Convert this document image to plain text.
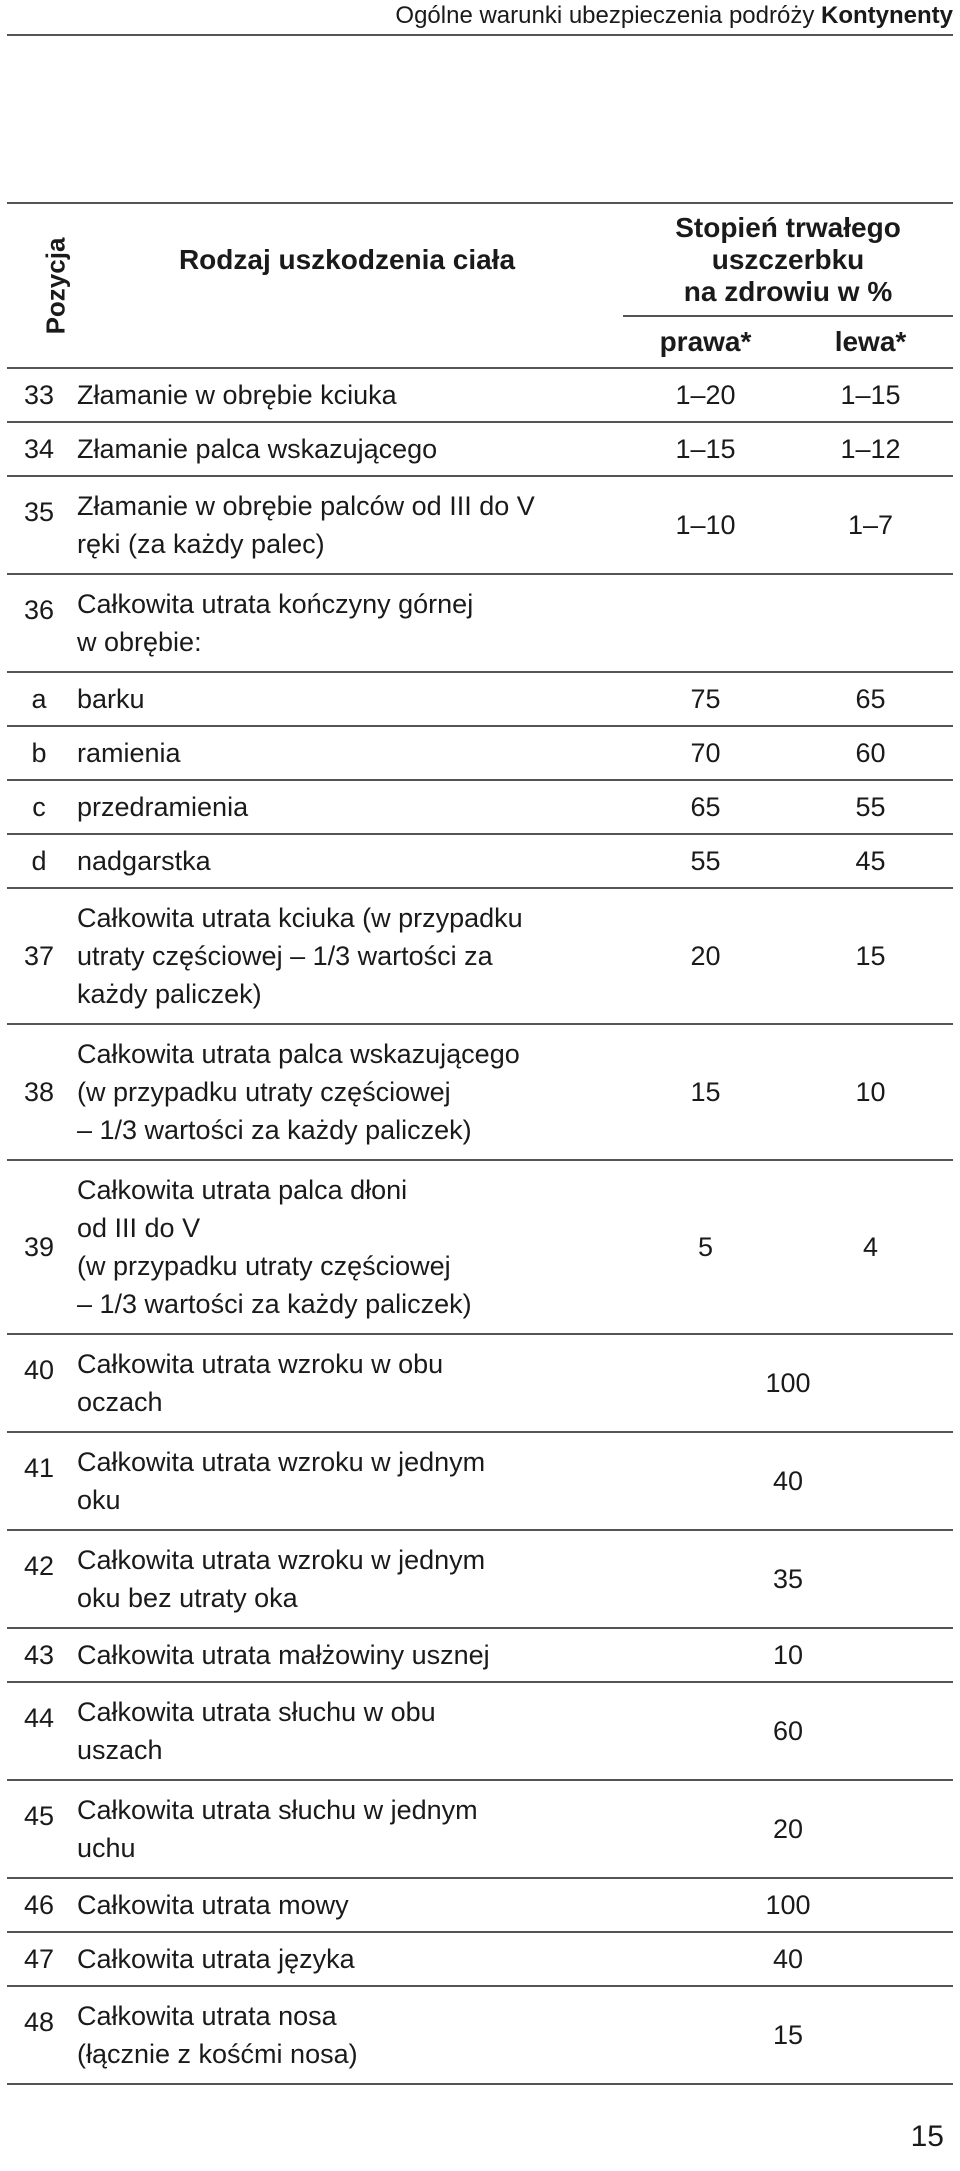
Ogólne warunki ubezpieczenia podróży Kontynenty
Pozycja	Rodzaj uszkodzenia ciała	Stopień trwałego
uszczerbku
na zdrowiu w %	

		prawa*	lewa*
33	Złamanie w obrębie kciuka	1–20	1–15
34	Złamanie palca wskazującego	1–15	1–12
35	Złamanie w obrębie palców od III do V
ręki (za każdy palec)	1–10	1–7
36	Całkowita utrata kończyny górnej
w obrębie:		

a	barku	75	65
b	ramienia	70	60
c	przedramienia	65	55
d	nadgarstka	55	45
37	Całkowita utrata kciuka (w przypadku
utraty częściowej – 1/3 wartości za
każdy paliczek)	20	15
38	Całkowita utrata palca wskazującego
(w przypadku utraty częściowej
– 1/3 wartości za każdy paliczek)	15	10
39	Całkowita utrata palca dłoni
od III do V
(w przypadku utraty częściowej
– 1/3 wartości za każdy paliczek)	5	4
40	Całkowita utrata wzroku w obu
oczach	100	
41	Całkowita utrata wzroku w jednym
oku	40	
42	Całkowita utrata wzroku w jednym
oku bez utraty oka	35	
43	Całkowita utrata małżowiny usznej	10	
44	Całkowita utrata słuchu w obu
uszach	60	
45	Całkowita utrata słuchu w jednym
uchu	20	
46	Całkowita utrata mowy	100	
47	Całkowita utrata języka	40	
48	Całkowita utrata nosa
(łącznie z kośćmi nosa)	15	
15
